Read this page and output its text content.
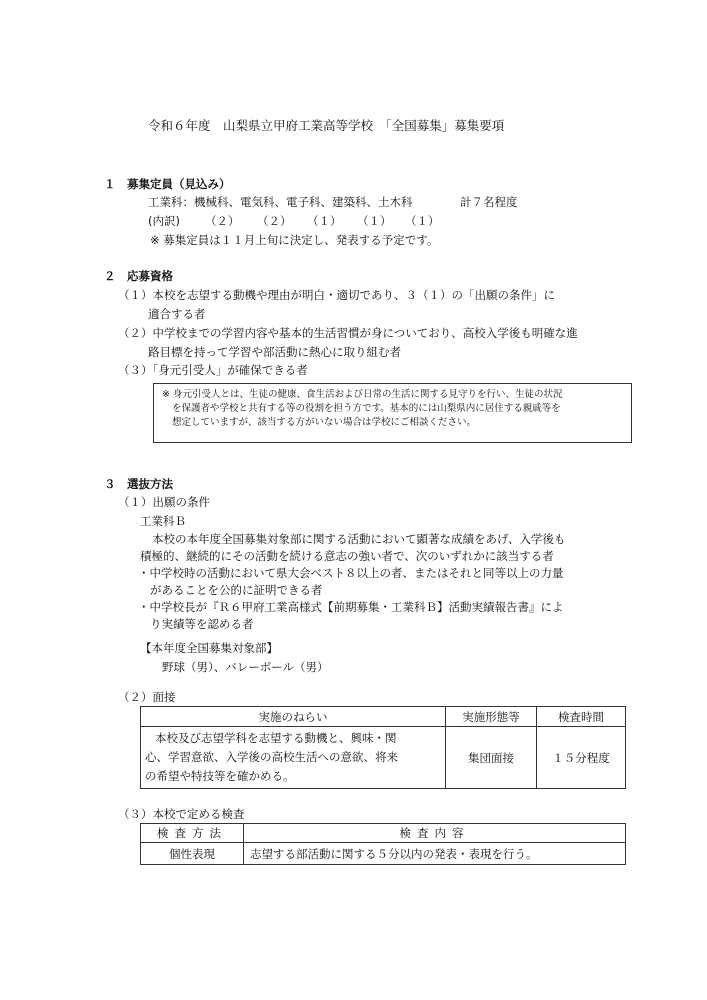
令和６年度　山梨県立甲府工業高等学校　「全国募集」募集要項
１　募集定員（見込み）
工業科：機械科、電気科、電子科、建築科、土木科	計７名程度
(内訳) （２） （２） （１） （１） （１）
※ 募集定員は１１月上旬に決定し、発表する予定です。
２　応募資格
（１）本校を志望する動機や理由が明白・適切であり、３（１）の「出願の条件」に
適合する者
（２）中学校までの学習内容や基本的生活習慣が身についており、高校入学後も明確な進
路目標を持って学習や部活動に熱心に取り組む者
（３）「身元引受人」が確保できる者
※ 身元引受人とは、生徒の健康、食生活および日常の生活に関する見守りを行い、生徒の状況
を保護者や学校と共有する等の役割を担う方です。基本的には山梨県内に居住する親戚等を
想定していますが、該当する方がいない場合は学校にご相談ください。
３　選抜方法
（１）出願の条件
工業科Ｂ
本校の本年度全国募集対象部に関する活動において顕著な成績をあげ、入学後も
積極的、継続的にその活動を続ける意志の強い者で、次のいずれかに該当する者
・中学校時の活動において県大会ベスト８以上の者、またはそれと同等以上の力量
があることを公的に証明できる者
・中学校長が『Ｒ６甲府工業高様式【前期募集・工業科Ｂ】活動実績報告書』によ
り実績等を認める者
【本年度全国募集対象部】
野球（男）、バレーボール（男）
（２）面接
実施のねらい	実施形態等	検査時間

本校及び志望学科を志望する動機と、興味・関
心、学習意欲、入学後の高校生活への意欲、将来
の希望や特技等を確かめる。	集団面接	１５分程度
（３）本校で定める検査
検査方法	検査内容
個性表現	志望する部活動に関する５分以内の発表・表現を行う。
